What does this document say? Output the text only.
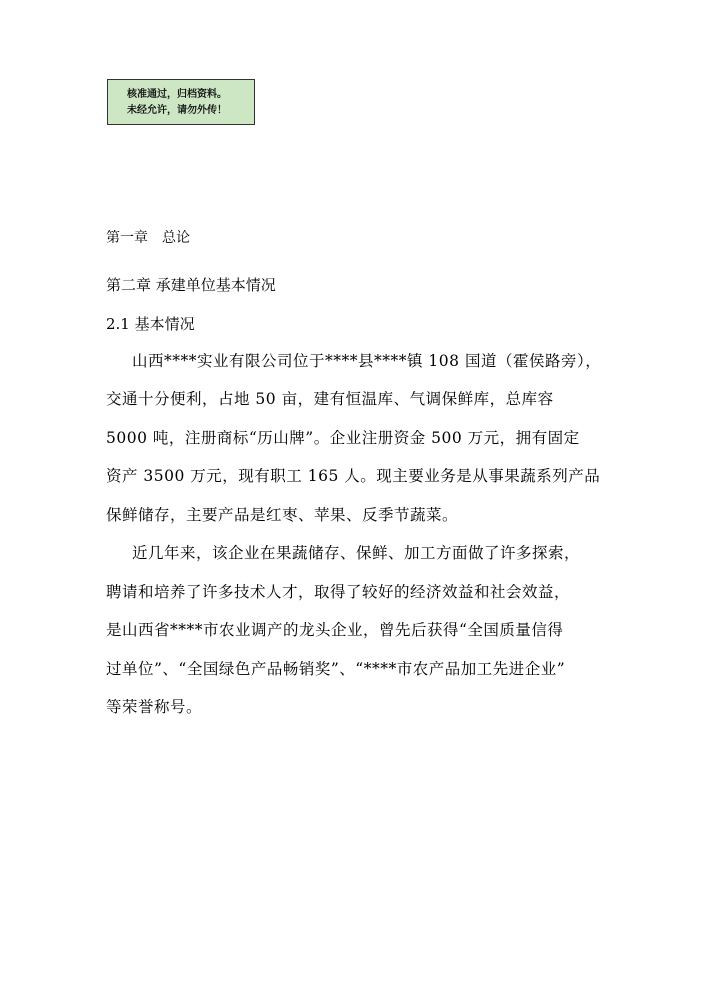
核准通过，归档资料。
未经允许，请勿外传！
第一章　总论
第二章 承建单位基本情况
2.1 基本情况
　山西****实业有限公司位于****县****镇 108 国道（霍侯路旁），
交通十分便利，占地 50 亩，建有恒温库、气调保鲜库，总库容
5000 吨，注册商标“历山牌”。企业注册资金 500 万元，拥有固定
资产 3500 万元，现有职工 165 人。现主要业务是从事果蔬系列产品
保鲜储存，主要产品是红枣、苹果、反季节蔬菜。
　近几年来，该企业在果蔬储存、保鲜、加工方面做了许多探索，
聘请和培养了许多技术人才，取得了较好的经济效益和社会效益，
是山西省****市农业调产的龙头企业，曾先后获得“全国质量信得
过单位”、“全国绿色产品畅销奖”、“****市农产品加工先进企业”
等荣誉称号。
